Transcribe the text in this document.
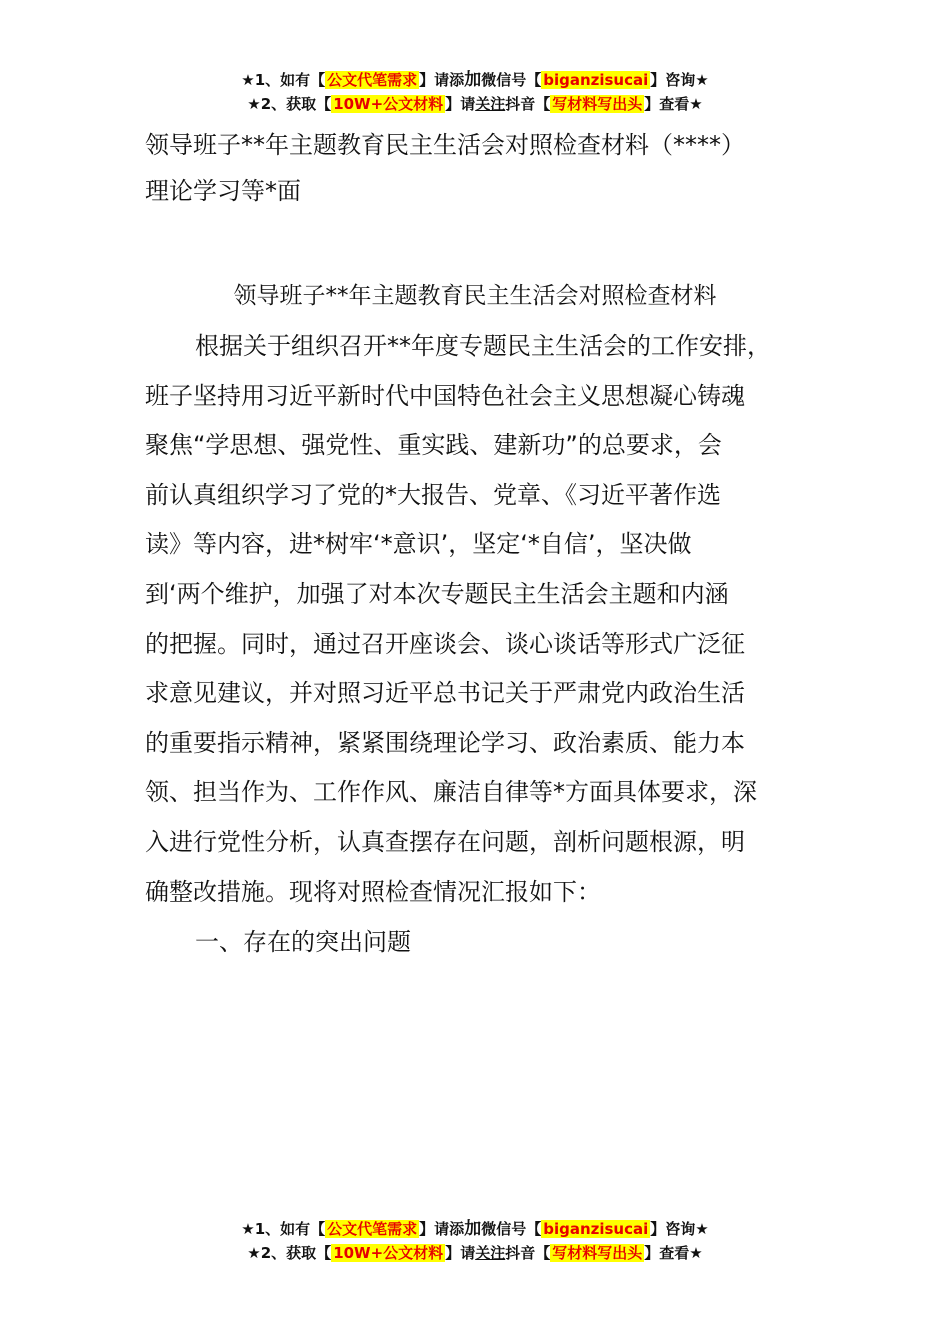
★1、如有【 公文代笔需求 】请添加微信号【 biganzisucai 】咨询★
★2、获取【 10W+公文材料 】请关注抖音【 写材料写出头 】查看★
领导班子**年主题教育民主生活会对照检查材料（****）
理论学习等*面
领导班子**年主题教育民主生活会对照检查材料
根据关于组织召开**年度专题民主生活会的工作安排，
班子坚持用习近平新时代中国特色社会主义思想凝心铸魂
聚焦“学思想、强党性、重实践、建新功”的总要求，会
前认真组织学习了党的*大报告、党章、《习近平著作选
读》等内容，进*树牢‘*意识’，坚定‘*自信’，坚决做
到‘两个维护，加强了对本次专题民主生活会主题和内涵
的把握。同时，通过召开座谈会、谈心谈话等形式广泛征
求意见建议，并对照习近平总书记关于严肃党内政治生活
的重要指示精神，紧紧围绕理论学习、政治素质、能力本
领、担当作为、工作作风、廉洁自律等*方面具体要求，深
入进行党性分析，认真查摆存在问题，剖析问题根源，明
确整改措施。现将对照检查情况汇报如下：
一、存在的突出问题
★1、如有【 公文代笔需求 】请添加微信号【 biganzisucai 】咨询★
★2、获取【 10W+公文材料 】请关注抖音【 写材料写出头 】查看★
